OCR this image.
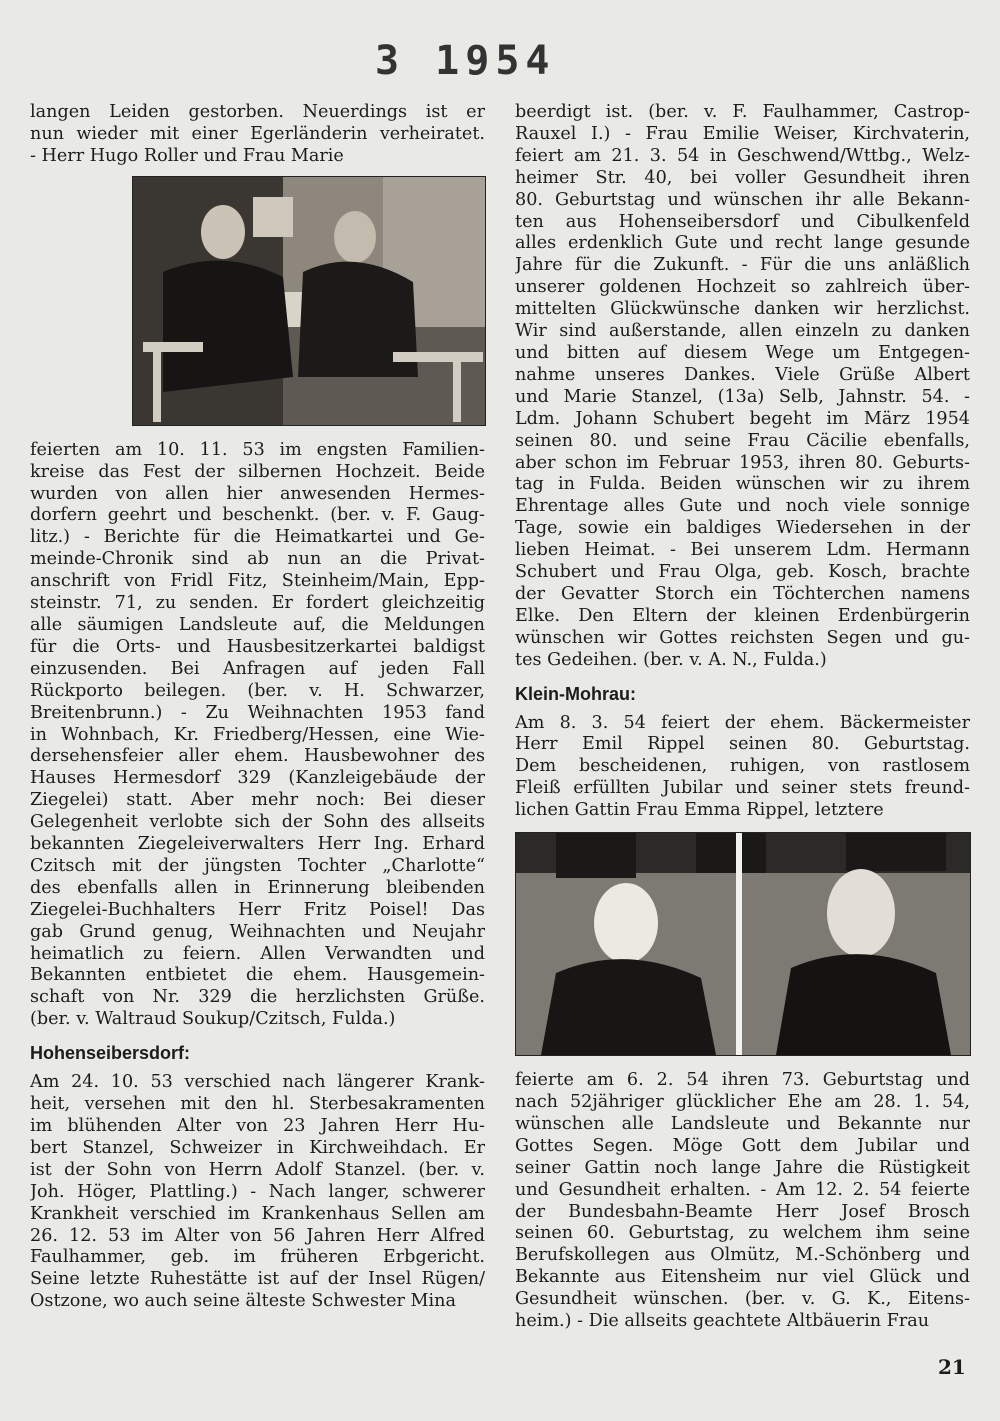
3 1954
langen Leiden gestorben. Neuerdings ist er
nun wieder mit einer Egerländerin verheiratet.
- Herr Hugo Roller und Frau Marie
feierten am 10. 11. 53 im engsten Familien-
kreise das Fest der silbernen Hochzeit. Beide
wurden von allen hier anwesenden Hermes-
dorfern geehrt und beschenkt. (ber. v. F. Gaug-
litz.) - Berichte für die Heimatkartei und Ge-
meinde-Chronik sind ab nun an die Privat-
anschrift von Fridl Fitz, Steinheim/Main, Epp-
steinstr. 71, zu senden. Er fordert gleichzeitig
alle säumigen Landsleute auf, die Meldungen
für die Orts- und Hausbesitzerkartei baldigst
einzusenden. Bei Anfragen auf jeden Fall
Rückporto beilegen. (ber. v. H. Schwarzer,
Breitenbrunn.) - Zu Weihnachten 1953 fand
in Wohnbach, Kr. Friedberg/Hessen, eine Wie-
dersehensfeier aller ehem. Hausbewohner des
Hauses Hermesdorf 329 (Kanzleigebäude der
Ziegelei) statt. Aber mehr noch: Bei dieser
Gelegenheit verlobte sich der Sohn des allseits
bekannten Ziegeleiverwalters Herr Ing. Erhard
Czitsch mit der jüngsten Tochter „Charlotte“
des ebenfalls allen in Erinnerung bleibenden
Ziegelei-Buchhalters Herr Fritz Poisel! Das
gab Grund genug, Weihnachten und Neujahr
heimatlich zu feiern. Allen Verwandten und
Bekannten entbietet die ehem. Hausgemein-
schaft von Nr. 329 die herzlichsten Grüße.
(ber. v. Waltraud Soukup/Czitsch, Fulda.)
Hohenseibersdorf:
Am 24. 10. 53 verschied nach längerer Krank-
heit, versehen mit den hl. Sterbesakramenten
im blühenden Alter von 23 Jahren Herr Hu-
bert Stanzel, Schweizer in Kirchweihdach. Er
ist der Sohn von Herrn Adolf Stanzel. (ber. v.
Joh. Höger, Plattling.) - Nach langer, schwerer
Krankheit verschied im Krankenhaus Sellen am
26. 12. 53 im Alter von 56 Jahren Herr Alfred
Faulhammer, geb. im früheren Erbgericht.
Seine letzte Ruhestätte ist auf der Insel Rügen/
Ostzone, wo auch seine älteste Schwester Mina
beerdigt ist. (ber. v. F. Faulhammer, Castrop-
Rauxel I.) - Frau Emilie Weiser, Kirchvaterin,
feiert am 21. 3. 54 in Geschwend/Wttbg., Welz-
heimer Str. 40, bei voller Gesundheit ihren
80. Geburtstag und wünschen ihr alle Bekann-
ten aus Hohenseibersdorf und Cibulkenfeld
alles erdenklich Gute und recht lange gesunde
Jahre für die Zukunft. - Für die uns anläßlich
unserer goldenen Hochzeit so zahlreich über-
mittelten Glückwünsche danken wir herzlichst.
Wir sind außerstande, allen einzeln zu danken
und bitten auf diesem Wege um Entgegen-
nahme unseres Dankes. Viele Grüße Albert
und Marie Stanzel, (13a) Selb, Jahnstr. 54. -
Ldm. Johann Schubert begeht im März 1954
seinen 80. und seine Frau Cäcilie ebenfalls,
aber schon im Februar 1953, ihren 80. Geburts-
tag in Fulda. Beiden wünschen wir zu ihrem
Ehrentage alles Gute und noch viele sonnige
Tage, sowie ein baldiges Wiedersehen in der
lieben Heimat. - Bei unserem Ldm. Hermann
Schubert und Frau Olga, geb. Kosch, brachte
der Gevatter Storch ein Töchterchen namens
Elke. Den Eltern der kleinen Erdenbürgerin
wünschen wir Gottes reichsten Segen und gu-
tes Gedeihen. (ber. v. A. N., Fulda.)
Klein-Mohrau:
Am 8. 3. 54 feiert der ehem. Bäckermeister
Herr Emil Rippel seinen 80. Geburtstag.
Dem bescheidenen, ruhigen, von rastlosem
Fleiß erfüllten Jubilar und seiner stets freund-
lichen Gattin Frau Emma Rippel, letztere
feierte am 6. 2. 54 ihren 73. Geburtstag und
nach 52jähriger glücklicher Ehe am 28. 1. 54,
wünschen alle Landsleute und Bekannte nur
Gottes Segen. Möge Gott dem Jubilar und
seiner Gattin noch lange Jahre die Rüstigkeit
und Gesundheit erhalten. - Am 12. 2. 54 feierte
der Bundesbahn-Beamte Herr Josef Brosch
seinen 60. Geburtstag, zu welchem ihm seine
Berufskollegen aus Olmütz, M.-Schönberg und
Bekannte aus Eitensheim nur viel Glück und
Gesundheit wünschen. (ber. v. G. K., Eitens-
heim.) - Die allseits geachtete Altbäuerin Frau
21
